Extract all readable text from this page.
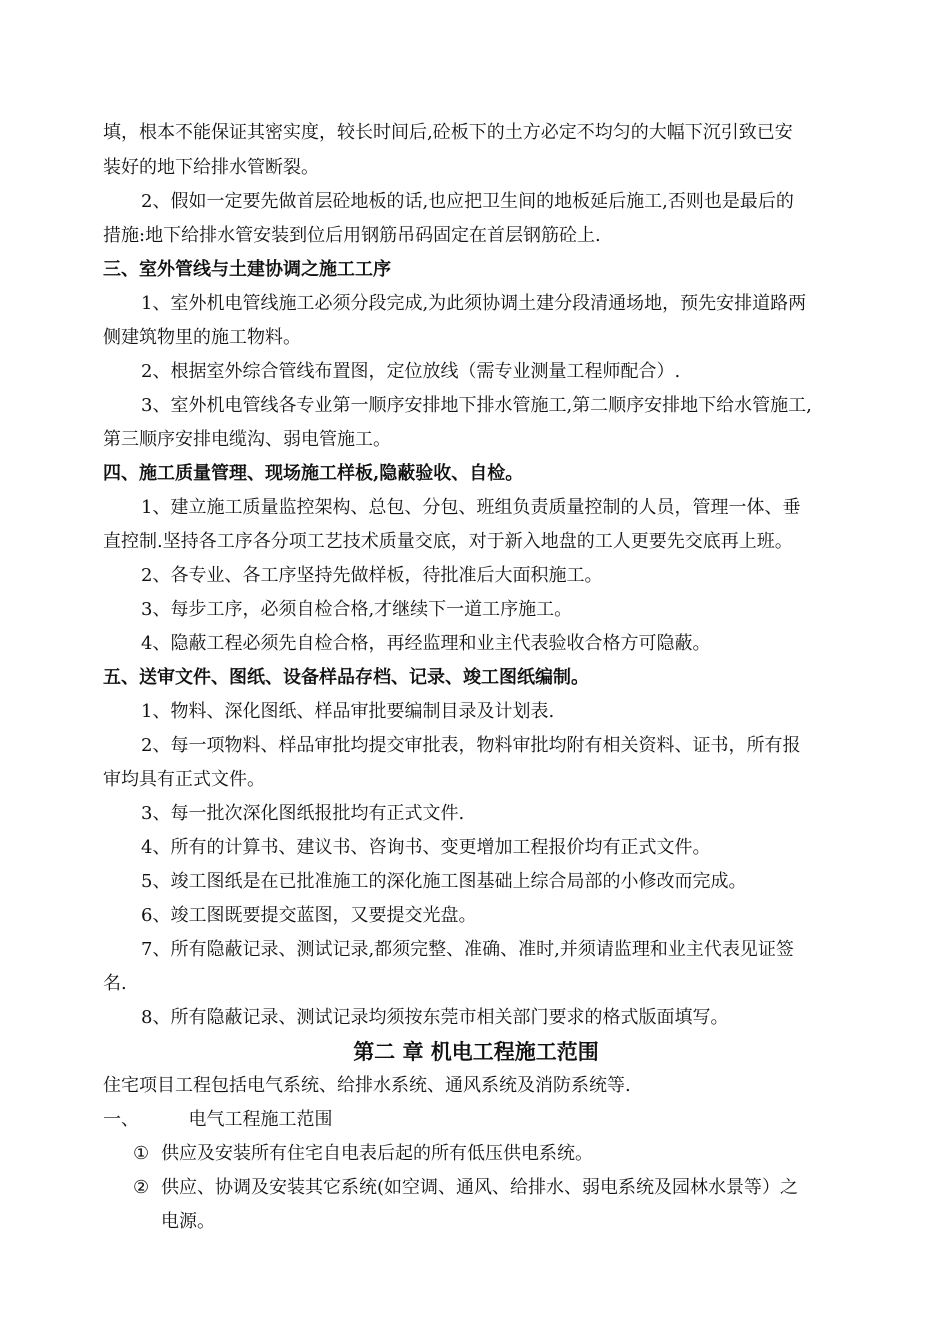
填，根本不能保证其密实度，较长时间后,砼板下的土方必定不均匀的大幅下沉引致已安
装好的地下给排水管断裂。
2、假如一定要先做首层砼地板的话,也应把卫生间的地板延后施工,否则也是最后的
措施:地下给排水管安装到位后用钢筋吊码固定在首层钢筋砼上.
三、室外管线与土建协调之施工工序
1、室外机电管线施工必须分段完成,为此须协调土建分段清通场地，预先安排道路两
侧建筑物里的施工物料。
2、根据室外综合管线布置图，定位放线（需专业测量工程师配合）.
3、室外机电管线各专业第一顺序安排地下排水管施工,第二顺序安排地下给水管施工,
第三顺序安排电缆沟、弱电管施工。
四、施工质量管理、现场施工样板,隐蔽验收、自检。
1、建立施工质量监控架构、总包、分包、班组负责质量控制的人员，管理一体、垂
直控制.坚持各工序各分项工艺技术质量交底，对于新入地盘的工人更要先交底再上班。
2、各专业、各工序坚持先做样板，待批准后大面积施工。
3、每步工序，必须自检合格,才继续下一道工序施工。
4、隐蔽工程必须先自检合格，再经监理和业主代表验收合格方可隐蔽。
五、送审文件、图纸、设备样品存档、记录、竣工图纸编制。
1、物料、深化图纸、样品审批要编制目录及计划表.
2、每一项物料、样品审批均提交审批表，物料审批均附有相关资料、证书，所有报
审均具有正式文件。
3、每一批次深化图纸报批均有正式文件.
4、所有的计算书、建议书、咨询书、变更增加工程报价均有正式文件。
5、竣工图纸是在已批准施工的深化施工图基础上综合局部的小修改而完成。
6、竣工图既要提交蓝图，又要提交光盘。
7、所有隐蔽记录、测试记录,都须完整、准确、准时,并须请监理和业主代表见证签
名.
8、所有隐蔽记录、测试记录均须按东莞市相关部门要求的格式版面填写。
第二 章 机电工程施工范围
住宅项目工程包括电气系统、给排水系统、通风系统及消防系统等.
一、	电气工程施工范围
① 供应及安装所有住宅自电表后起的所有低压供电系统。
② 供应、协调及安装其它系统(如空调、通风、给排水、弱电系统及园林水景等）之
电源。
